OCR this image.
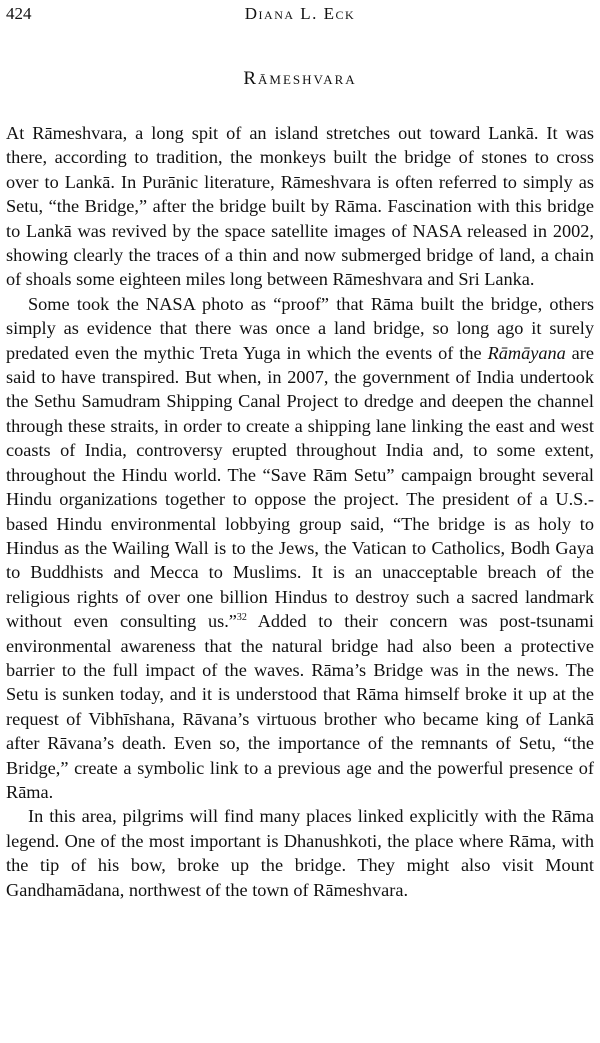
424	Diana L. Eck
Rāmeshvara

At Rāmeshvara, a long spit of an island stretches out toward Lankā. It was there, according to tradition, the monkeys built the bridge of stones to cross over to Lankā. In Purānic literature, Rāmeshvara is often referred to simply as Setu, “the Bridge,” after the bridge built by Rāma. Fascination with this bridge to Lankā was revived by the space satellite images of NASA released in 2002, showing clearly the traces of a thin and now submerged bridge of land, a chain of shoals some eighteen miles long between Rāmeshvara and Sri Lanka.

Some took the NASA photo as “proof” that Rāma built the bridge, others simply as evidence that there was once a land bridge, so long ago it surely predated even the mythic Treta Yuga in which the events of the Rāmāyana are said to have transpired. But when, in 2007, the government of India undertook the Sethu Samudram Shipping Canal Project to dredge and deepen the channel through these straits, in order to create a shipping lane linking the east and west coasts of India, controversy erupted throughout India and, to some extent, throughout the Hindu world. The “Save Rām Setu” campaign brought several Hindu organizations together to oppose the project. The president of a U.S.-based Hindu environmental lobbying group said, “The bridge is as holy to Hindus as the Wailing Wall is to the Jews, the Vatican to Catholics, Bodh Gaya to Buddhists and Mecca to Muslims. It is an unacceptable breach of the religious rights of over one billion Hindus to destroy such a sacred landmark without even consulting us.”$^{32}$ Added to their concern was post-tsunami environmental awareness that the natural bridge had also been a protective barrier to the full impact of the waves. Rāma’s Bridge was in the news. The Setu is sunken today, and it is understood that Rāma himself broke it up at the request of Vibhīshana, Rāvana’s virtuous brother who became king of Lankā after Rāvana’s death. Even so, the importance of the remnants of Setu, “the Bridge,” create a symbolic link to a previous age and the powerful presence of Rāma.

In this area, pilgrims will find many places linked explicitly with the Rāma legend. One of the most important is Dhanushkoti, the place where Rāma, with the tip of his bow, broke up the bridge. They might also visit Mount Gandhamādana, northwest of the town of Rāmeshvara.
